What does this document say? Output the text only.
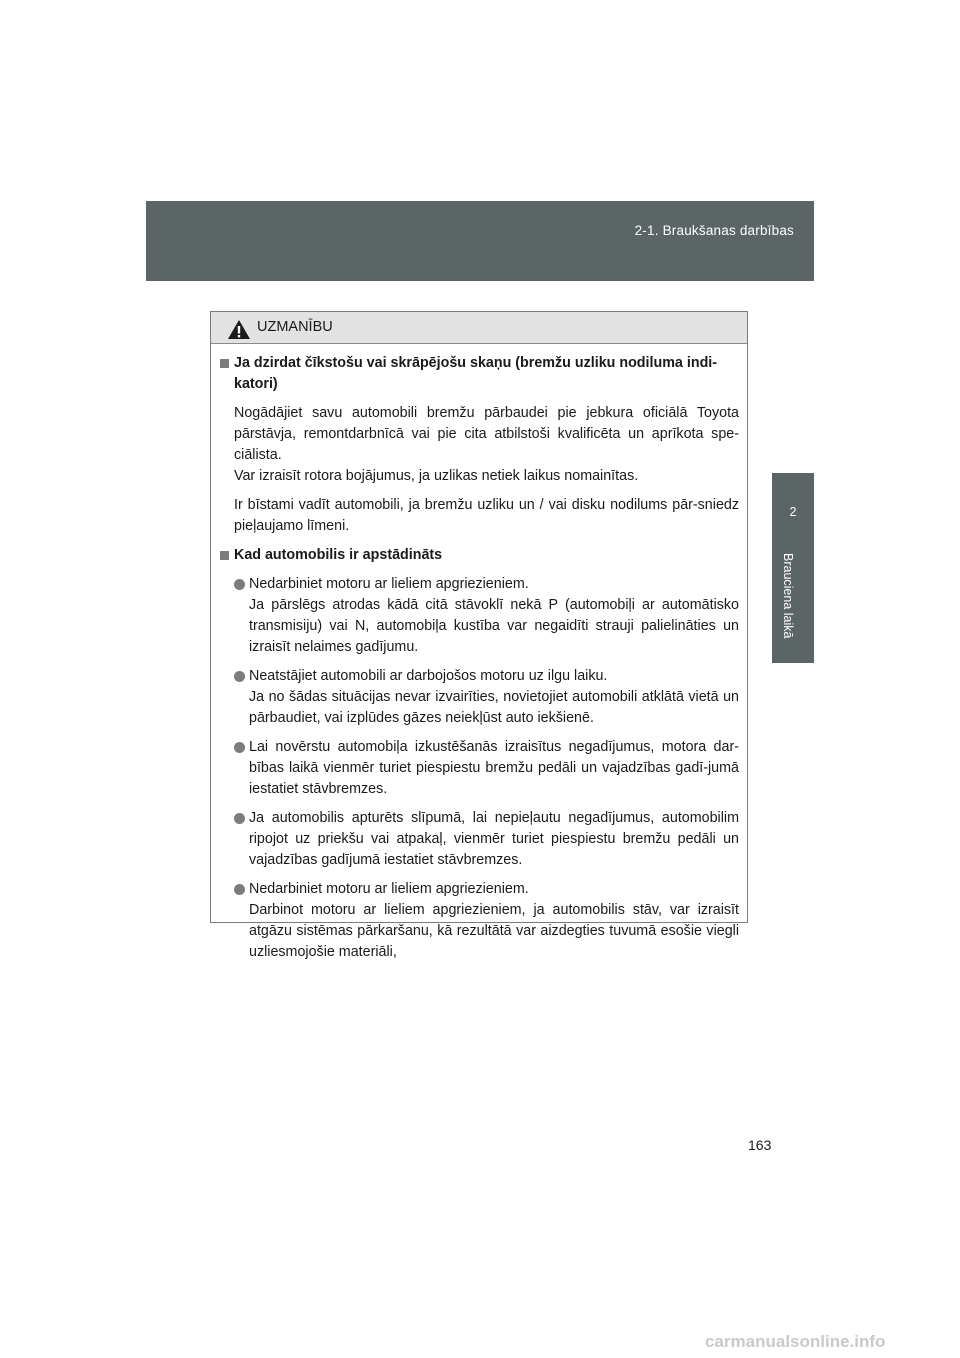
2-1. Braukšanas darbības
2
Brauciena laikā
UZMANĪBU
Ja dzirdat čīkstošu vai skrāpējošu skaņu (bremžu uzliku nodiluma indi-katori)
Nogādājiet savu automobili bremžu pārbaudei pie jebkura oficiālā Toyota pārstāvja, remontdarbnīcā vai pie cita atbilstoši kvalificēta un aprīkota spe-ciālista.
Var izraisīt rotora bojājumus, ja uzlikas netiek laikus nomainītas.
Ir bīstami vadīt automobili, ja bremžu uzliku un / vai disku nodilums pār-sniedz pieļaujamo līmeni.
Kad automobilis ir apstādināts
Nedarbiniet motoru ar lieliem apgriezieniem.
Ja pārslēgs atrodas kādā citā stāvoklī nekā P (automobiļi ar automātisko transmisiju) vai N, automobiļa kustība var negaidīti strauji palielināties un izraisīt nelaimes gadījumu.
Neatstājiet automobili ar darbojošos motoru uz ilgu laiku.
Ja no šādas situācijas nevar izvairīties, novietojiet automobili atklātā vietā un pārbaudiet, vai izplūdes gāzes neiekļūst auto iekšienē.
Lai novērstu automobiļa izkustēšanās izraisītus negadījumus, motora dar-bības laikā vienmēr turiet piespiestu bremžu pedāli un vajadzības gadī-jumā iestatiet stāvbremzes.
Ja automobilis apturēts slīpumā, lai nepieļautu negadījumus, automobilim ripojot uz priekšu vai atpakaļ, vienmēr turiet piespiestu bremžu pedāli un vajadzības gadījumā iestatiet stāvbremzes.
Nedarbiniet motoru ar lieliem apgriezieniem.
Darbinot motoru ar lieliem apgriezieniem, ja automobilis stāv, var izraisīt atgāzu sistēmas pārkaršanu, kā rezultātā var aizdegties tuvumā esošie viegli uzliesmojošie materiāli,
163
carmanualsonline.info
